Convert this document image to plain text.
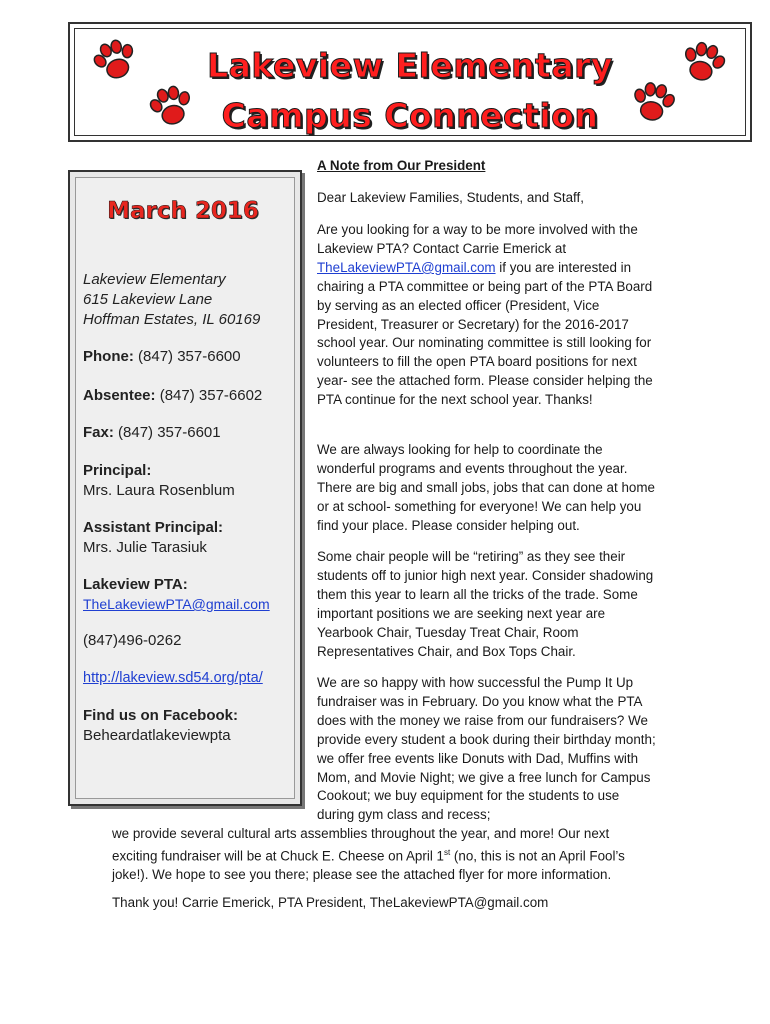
Lakeview Elementary
Campus Connection
March 2016
Lakeview Elementary
615 Lakeview Lane
Hoffman Estates, IL 60169
Phone: (847) 357-6600
Absentee: (847) 357-6602
Fax: (847) 357-6601
Principal:
Mrs. Laura Rosenblum
Assistant Principal:
Mrs. Julie Tarasiuk
Lakeview PTA:
TheLakeviewPTA@gmail.com
(847)496-0262
http://lakeview.sd54.org/pta/
Find us on Facebook:
Beheardatlakeviewpta
A Note from Our President

Dear Lakeview Families, Students, and Staff,

Are you looking for a way to be more involved with the Lakeview PTA? Contact Carrie Emerick at TheLakeviewPTA@gmail.com if you are interested in chairing a PTA committee or being part of the PTA Board by serving as an elected officer (President, Vice President, Treasurer or Secretary) for the 2016-2017 school year. Our nominating committee is still looking for volunteers to fill the open PTA board positions for next year- see the attached form. Please consider helping the PTA continue for the next school year. Thanks!

We are always looking for help to coordinate the wonderful programs and events throughout the year. There are big and small jobs, jobs that can done at home or at school- something for everyone! We can help you find your place. Please consider helping out.

Some chair people will be “retiring” as they see their students off to junior high next year. Consider shadowing them this year to learn all the tricks of the trade. Some important positions we are seeking next year are Yearbook Chair, Tuesday Treat Chair, Room Representatives Chair, and Box Tops Chair.

We are so happy with how successful the Pump It Up fundraiser was in February. Do you know what the PTA does with the money we raise from our fundraisers? We provide every student a book during their birthday month; we offer free events like Donuts with Dad, Muffins with Mom, and Movie Night; we give a free lunch for Campus Cookout; we buy equipment for the students to use during gym class and recess;

we provide several cultural arts assemblies throughout the year, and more! Our next exciting fundraiser will be at Chuck E. Cheese on April 1st (no, this is not an April Fool’s joke!). We hope to see you there; please see the attached flyer for more information.

Thank you! Carrie Emerick, PTA President, TheLakeviewPTA@gmail.com
